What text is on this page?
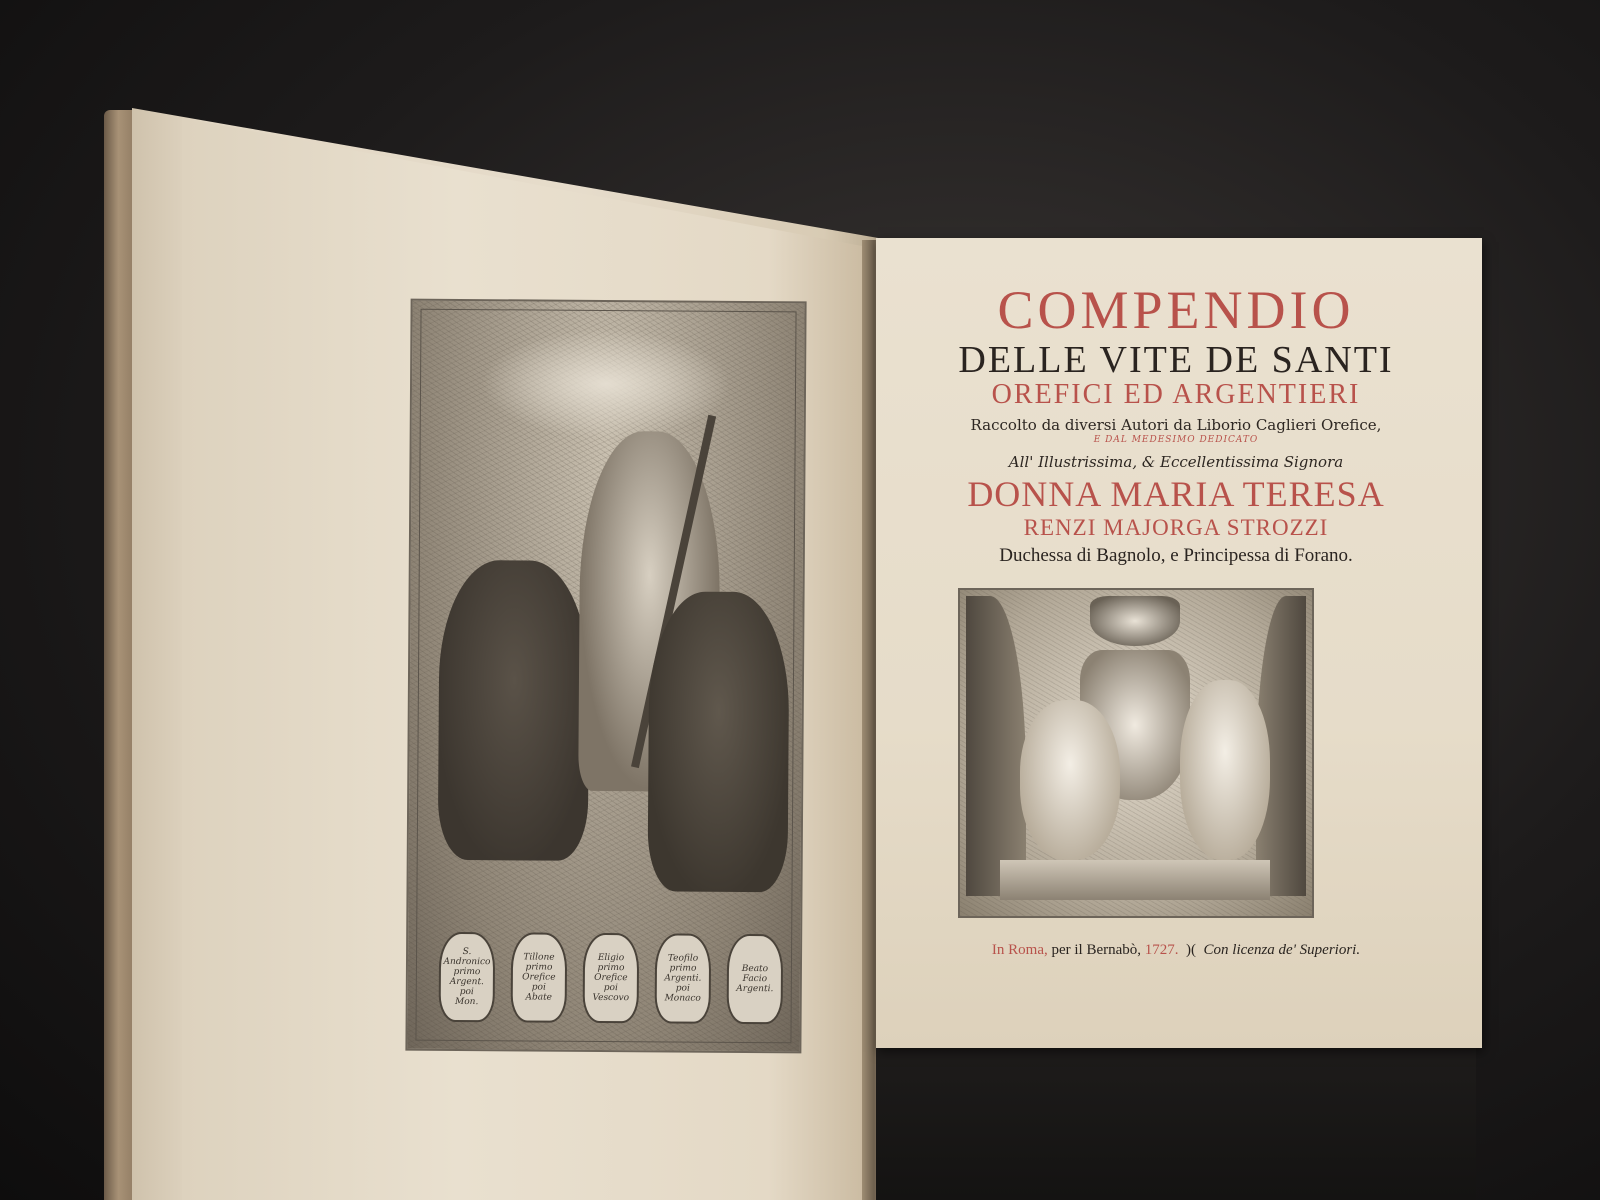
S.
Andronico
primo
Argent.
poi
Mon.
Tillone
primo
Orefice
poi
Abate
Eligio
primo
Orefice
poi
Vescovo
Teofilo
primo
Argenti.
poi
Monaco
Beato
Facio
Argenti.

COMPENDIO

DELLE VITE DE SANTI

OREFICI ED ARGENTIERI

Raccolto da diversi Autori da Liborio Caglieri Orefice,

E DAL MEDESIMO DEDICATO

All' Illustrissima, & Eccellentissima Signora

DONNA MARIA TERESA

RENZI MAJORGA STROZZI

Duchessa di Bagnolo, e Principessa di Forano.

In Roma, per il Bernabò, 1727. )( Con licenza de' Superiori.
